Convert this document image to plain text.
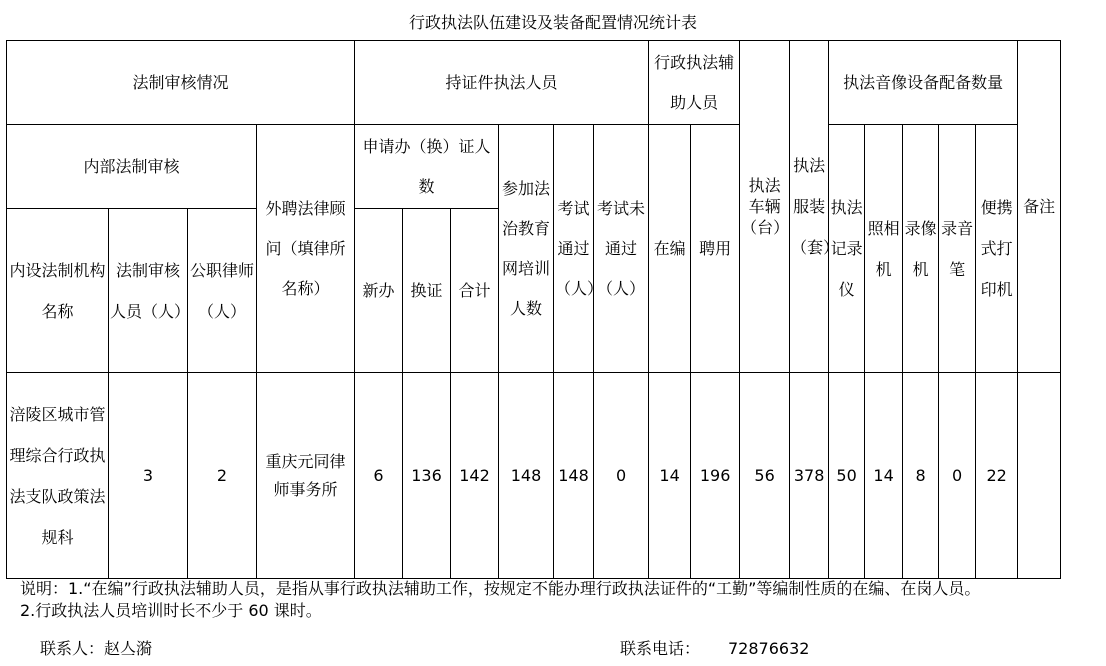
行政执法队伍建设及装备配置情况统计表
法制审核情况				持证件执法人员						行政执法辅助人员		执法车辆（台）	执法服装（套）	执法音像设备配备数量					备注
内部法制审核			外聘法律顾问（填律所名称）	申请办（换）证人数			参加法治教育网培训人数	考试通过（人）	考试未通过（人）	在编	聘用			执法记录仪	照相机	录像机	录音笔	便携式打印机	
内设法制机构名称	法制审核人员（人）	公职律师（人）		新办	换证	合计													
涪陵区城市管理综合行政执法支队政策法规科	3	2	重庆元同律师事务所	6	136	142	148	148	0	14	196	56	378	50	14	8	0	22	
说明：1.“在编”行政执法辅助人员，是指从事行政执法辅助工作，按规定不能办理行政执法证件的“工勤”等编制性质的在编、在岗人员。
2.行政执法人员培训时长不少于 60 课时。
联系人：赵亼漪	联系电话： 72876632
